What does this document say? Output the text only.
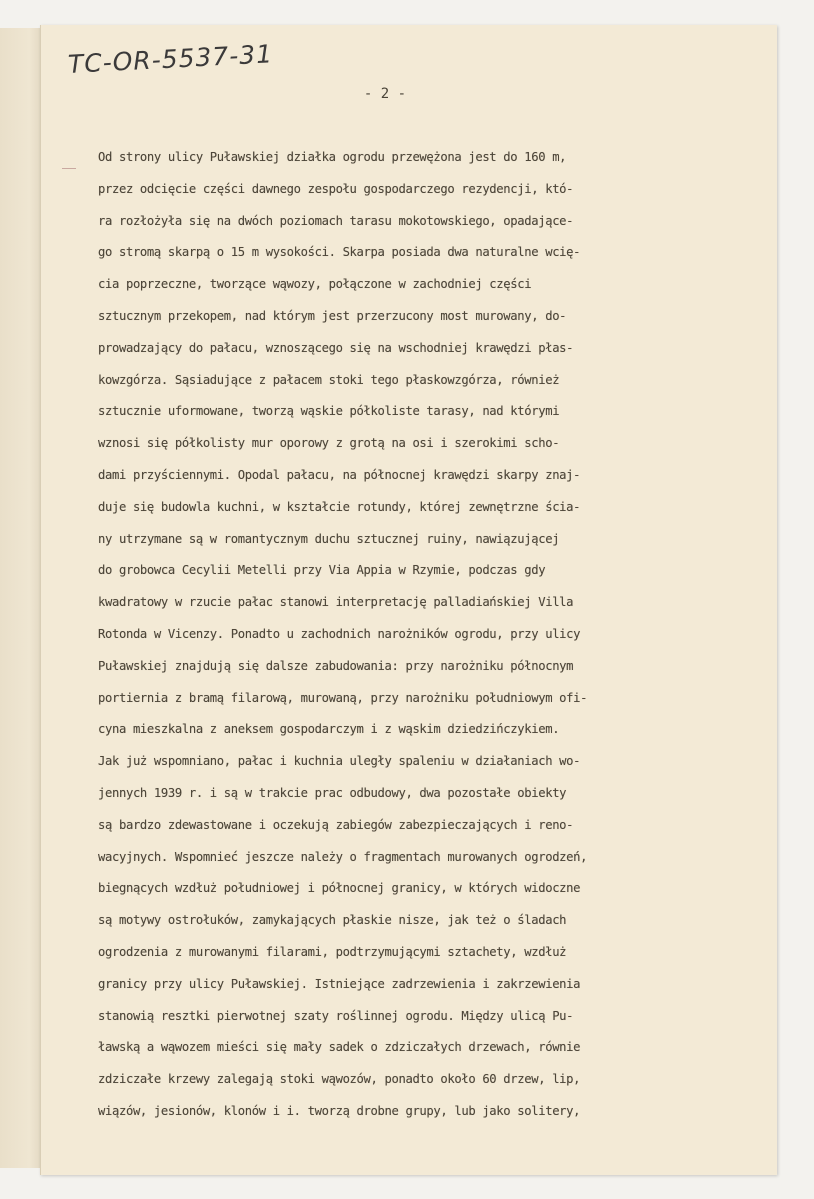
TC-OR-5537-31
- 2 -
Od strony ulicy Puławskiej działka ogrodu przewężona jest do 160 m,
przez odcięcie części dawnego zespołu gospodarczego rezydencji, któ-
ra rozłożyła się na dwóch poziomach tarasu mokotowskiego, opadające-
go stromą skarpą o 15 m wysokości. Skarpa posiada dwa naturalne wcię-
cia poprzeczne, tworzące wąwozy, połączone w zachodniej części
sztucznym przekopem, nad którym jest przerzucony most murowany, do-
prowadzający do pałacu, wznoszącego się na wschodniej krawędzi płas-
kowzgórza. Sąsiadujące z pałacem stoki tego płaskowzgórza, również
sztucznie uformowane, tworzą wąskie półkoliste tarasy, nad którymi
wznosi się półkolisty mur oporowy z grotą na osi i szerokimi scho-
dami przyściennymi. Opodal pałacu, na północnej krawędzi skarpy znaj-
duje się budowla kuchni, w kształcie rotundy, której zewnętrzne ścia-
ny utrzymane są w romantycznym duchu sztucznej ruiny, nawiązującej
do grobowca Cecylii Metelli przy Via Appia w Rzymie, podczas gdy
kwadratowy w rzucie pałac stanowi interpretację palladiańskiej Villa
Rotonda w Vicenzy. Ponadto u zachodnich narożników ogrodu, przy ulicy
Puławskiej znajdują się dalsze zabudowania: przy narożniku północnym
portiernia z bramą filarową, murowaną, przy narożniku południowym ofi-
cyna mieszkalna z aneksem gospodarczym i z wąskim dziedzińczykiem.
Jak już wspomniano, pałac i kuchnia uległy spaleniu w działaniach wo-
jennych 1939 r. i są w trakcie prac odbudowy, dwa pozostałe obiekty
są bardzo zdewastowane i oczekują zabiegów zabezpieczających i reno-
wacyjnych. Wspomnieć jeszcze należy o fragmentach murowanych ogrodzeń,
biegnących wzdłuż południowej i północnej granicy, w których widoczne
są motywy ostrołuków, zamykających płaskie nisze, jak też o śladach
ogrodzenia z murowanymi filarami, podtrzymującymi sztachety, wzdłuż
granicy przy ulicy Puławskiej. Istniejące zadrzewienia i zakrzewienia
stanowią resztki pierwotnej szaty roślinnej ogrodu. Między ulicą Pu-
ławską a wąwozem mieści się mały sadek o zdziczałych drzewach, równie
zdziczałe krzewy zalegają stoki wąwozów, ponadto około 60 drzew, lip,
wiązów, jesionów, klonów i i. tworzą drobne grupy, lub jako solitery,
